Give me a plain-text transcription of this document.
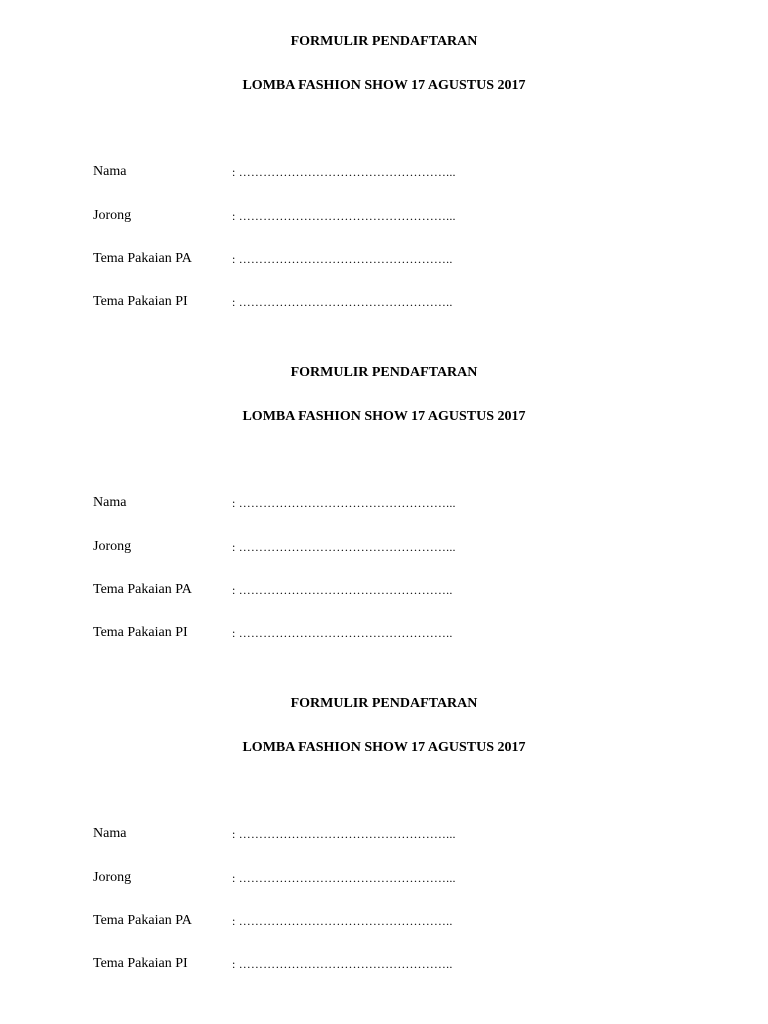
FORMULIR PENDAFTARAN
LOMBA FASHION SHOW 17 AGUSTUS 2017
Nama	: ……………………………………………...
Jorong	: ……………………………………………...
Tema Pakaian PA	: ……………………………………………..
Tema Pakaian PI	: ……………………………………………..
FORMULIR PENDAFTARAN
LOMBA FASHION SHOW 17 AGUSTUS 2017
Nama	: ……………………………………………...
Jorong	: ……………………………………………...
Tema Pakaian PA	: ……………………………………………..
Tema Pakaian PI	: ……………………………………………..
FORMULIR PENDAFTARAN
LOMBA FASHION SHOW 17 AGUSTUS 2017
Nama	: ……………………………………………...
Jorong	: ……………………………………………...
Tema Pakaian PA	: ……………………………………………..
Tema Pakaian PI	: ……………………………………………..
